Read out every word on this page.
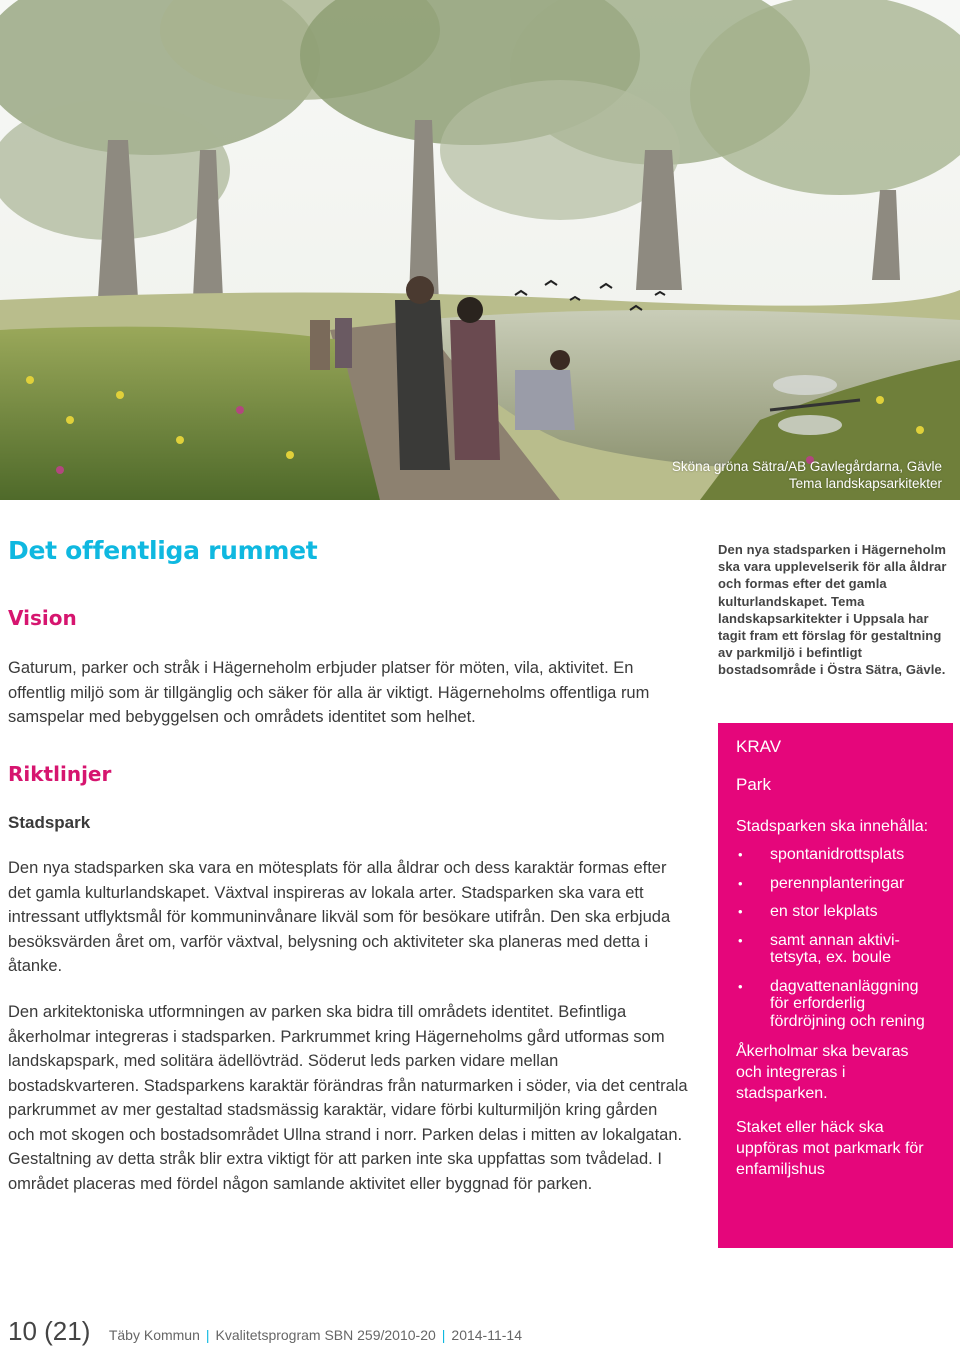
Sköna gröna Sätra/AB Gavlegårdarna, Gävle
Tema landskapsarkitekter
Det offentliga rummet
Vision

Gaturum, parker och stråk i Hägerneholm erbjuder platser för möten, vila, aktivitet. En offentlig miljö som är tillgänglig och säker för alla är viktigt. Hägerneholms offentliga rum samspelar med bebyggelsen och områdets identitet som helhet.

Riktlinjer
Stadspark

Den nya stadsparken ska vara en mötesplats för alla åldrar och dess karaktär formas efter det gamla kulturlandskapet. Växtval inspireras av lokala arter. Stadsparken ska vara ett intressant utflyktsmål för kommuninvånare likväl som för besökare utifrån. Den ska erbjuda besöksvärden året om, varför växtval, belysning och aktiviteter ska planeras med detta i åtanke.

Den arkitektoniska utformningen av parken ska bidra till områdets identitet. Befintliga åkerholmar integreras i stadsparken. Parkrummet kring Hägerneholms gård utformas som landskapspark, med solitära ädellövträd. Söderut leds parken vidare mellan bostadskvarteren. Stadsparkens karaktär förändras från naturmarken i söder, via det centrala parkrummet av mer gestaltad stadsmässig karaktär, vidare förbi kulturmiljön kring gården och mot skogen och bostadsområdet Ullna strand i norr. Parken delas i mitten av lokalgatan. Gestaltning av detta stråk blir extra viktigt för att parken inte ska uppfattas som tvådelad. I området placeras med fördel någon samlande aktivitet eller byggnad för parken.

Den nya stadsparken i Hägerneholm ska vara upplevelserik för alla åldrar och formas efter det gamla kulturlandskapet. Tema landskapsarkitekter i Uppsala har tagit fram ett förslag för gestaltning av parkmiljö i befintligt bostadsområde i Östra Sätra, Gävle.

KRAV

Park

Stadsparken ska innehålla:

• spontanidrottsplats
• perennplanteringar
• en stor lekplats
• samt annan aktivitetsyta, ex. boule
• dagvattenanläggning för erforderlig fördröjning och rening

Åkerholmar ska bevaras och integreras i stadsparken.

Staket eller häck ska uppföras mot parkmark för enfamiljshus

10 (21) Täby Kommun | Kvalitetsprogram SBN 259/2010-20 | 2014-11-14
